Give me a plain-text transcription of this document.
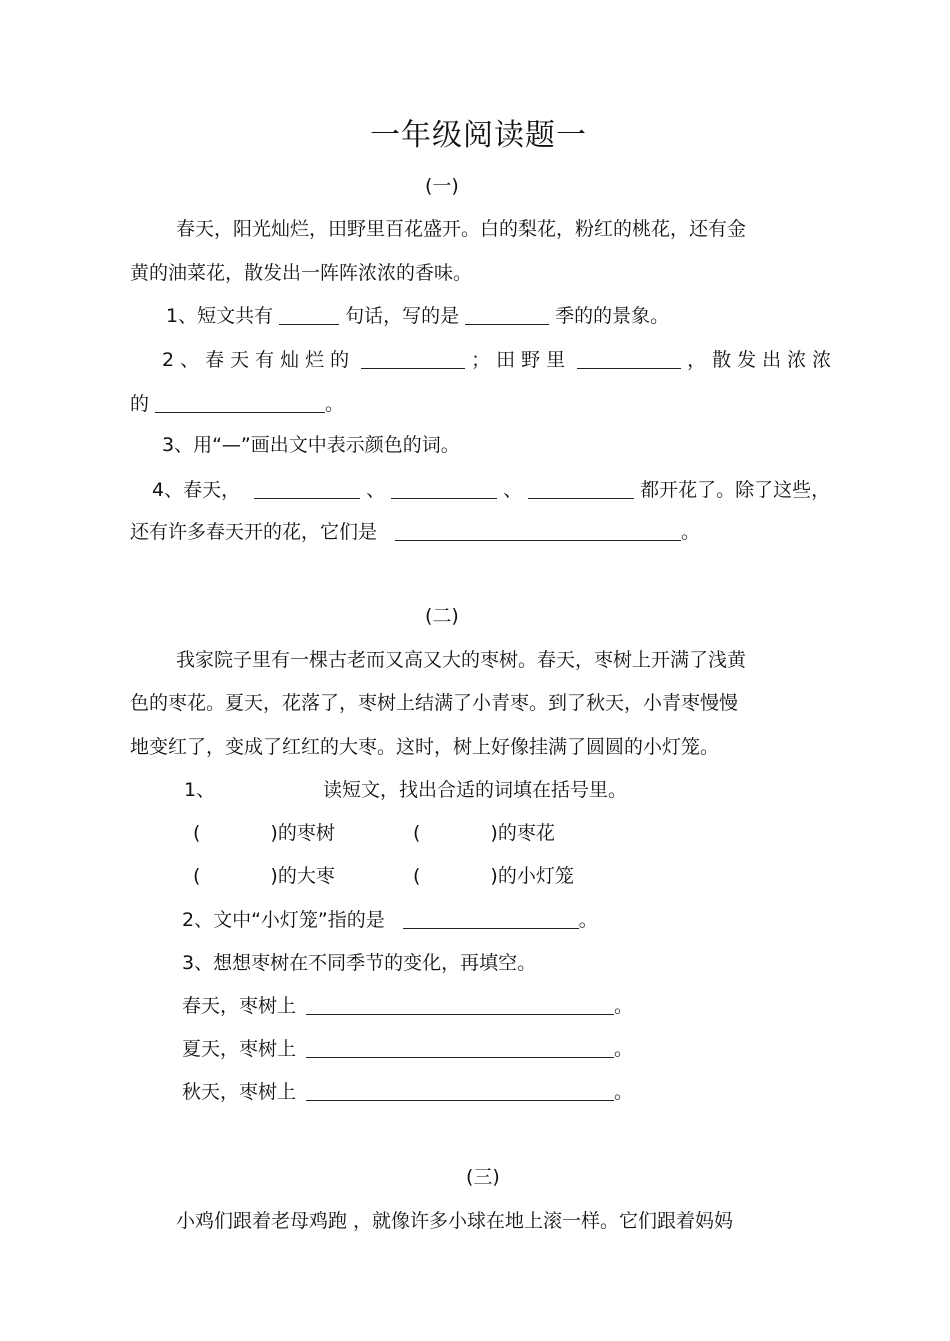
一年级阅读题一
(一)
春天，阳光灿烂，田野里百花盛开。白的梨花，粉红的桃花，还有金
黄的油菜花，散发出一阵阵浓浓的香味。
1、短文共有	句话，写的是	季的的景象。
2、春天有灿烂的	；田野里	，散发出浓浓
的	。
3、用“—”画出文中表示颜色的词。
4、春天，	、	、	都开花了。除了这些，
还有许多春天开的花，它们是	。
(二)
我家院子里有一棵古老而又高又大的枣树。春天，枣树上开满了浅黄
色的枣花。夏天，花落了，枣树上结满了小青枣。到了秋天，小青枣慢慢
地变红了，变成了红红的大枣。这时，树上好像挂满了圆圆的小灯笼。
1、	读短文，找出合适的词填在括号里。
(	)的枣树	(	)的枣花
(	)的大枣	(	)的小灯笼
2、文中“小灯笼”指的是	。
3、想想枣树在不同季节的变化，再填空。
春天，枣树上	。
夏天，枣树上	。
秋天，枣树上	。
(三)
小鸡们跟着老母鸡跑 ，就像许多小球在地上滚一样。它们跟着妈妈
